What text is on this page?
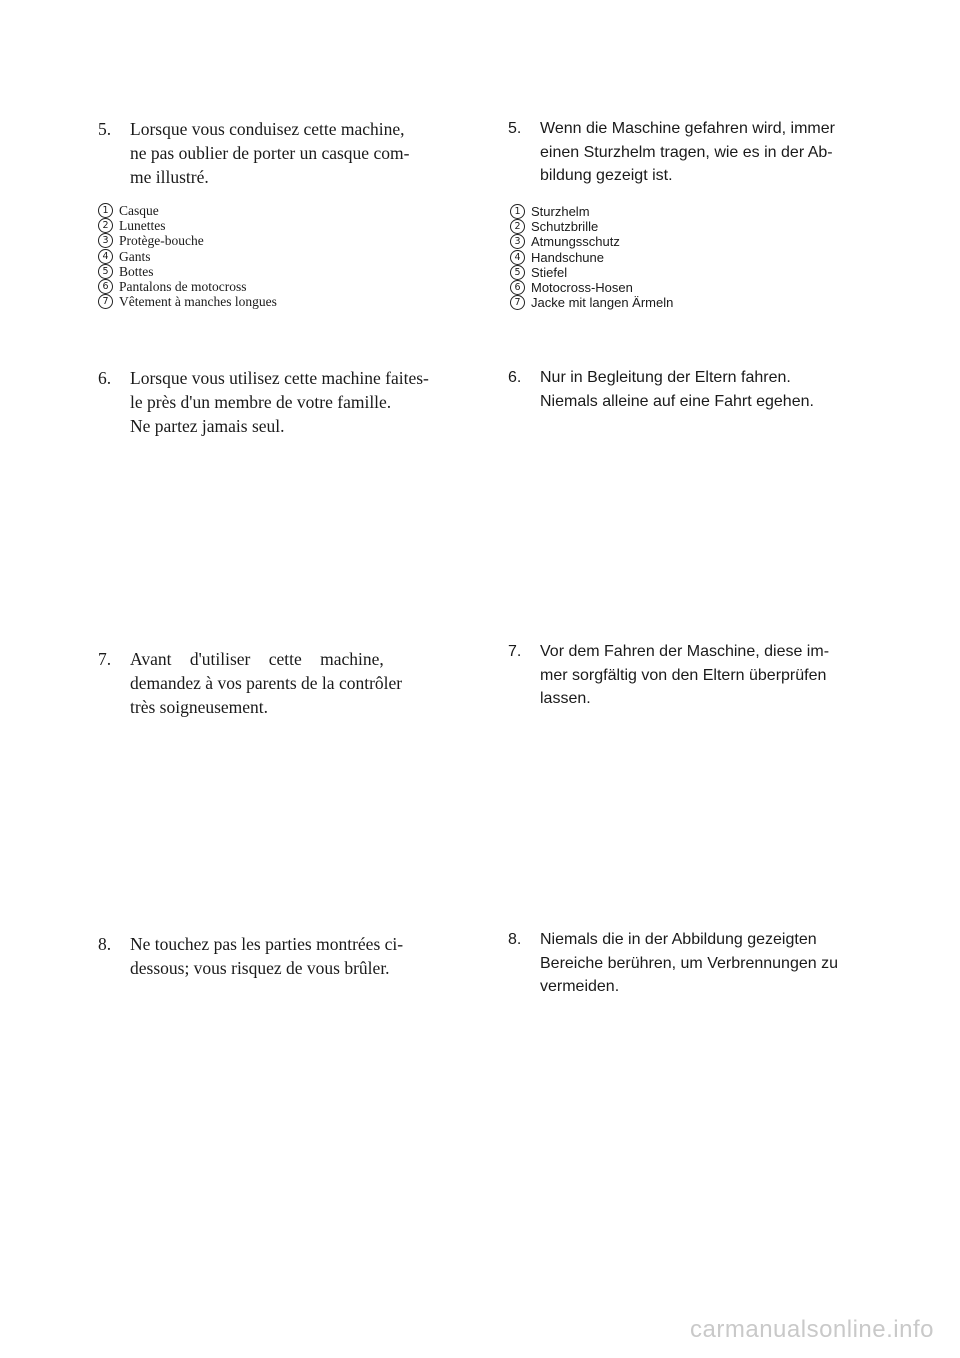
5. Lorsque vous conduisez cette machine,
ne pas oublier de porter un casque com-
me illustré.
1 Casque
2 Lunettes
3 Protège-bouche
4 Gants
5 Bottes
6 Pantalons de motocross
7 Vêtement à manches longues
6. Lorsque vous utilisez cette machine faites-
le près d'un membre de votre famille.
Ne partez jamais seul.
7. Avant d'utiliser cette machine,
demandez à vos parents de la contrôler
très soigneusement.
8. Ne touchez pas les parties montrées ci-
dessous; vous risquez de vous brûler.
5. Wenn die Maschine gefahren wird, immer
einen Sturzhelm tragen, wie es in der Ab-
bildung gezeigt ist.
1 Sturzhelm
2 Schutzbrille
3 Atmungsschutz
4 Handschune
5 Stiefel
6 Motocross-Hosen
7 Jacke mit langen Ärmeln
6. Nur in Begleitung der Eltern fahren.
Niemals alleine auf eine Fahrt egehen.
7. Vor dem Fahren der Maschine, diese im-
mer sorgfältig von den Eltern überprüfen
lassen.
8. Niemals die in der Abbildung gezeigten
Bereiche berühren, um Verbrennungen zu
vermeiden.
carmanualsonline.info
